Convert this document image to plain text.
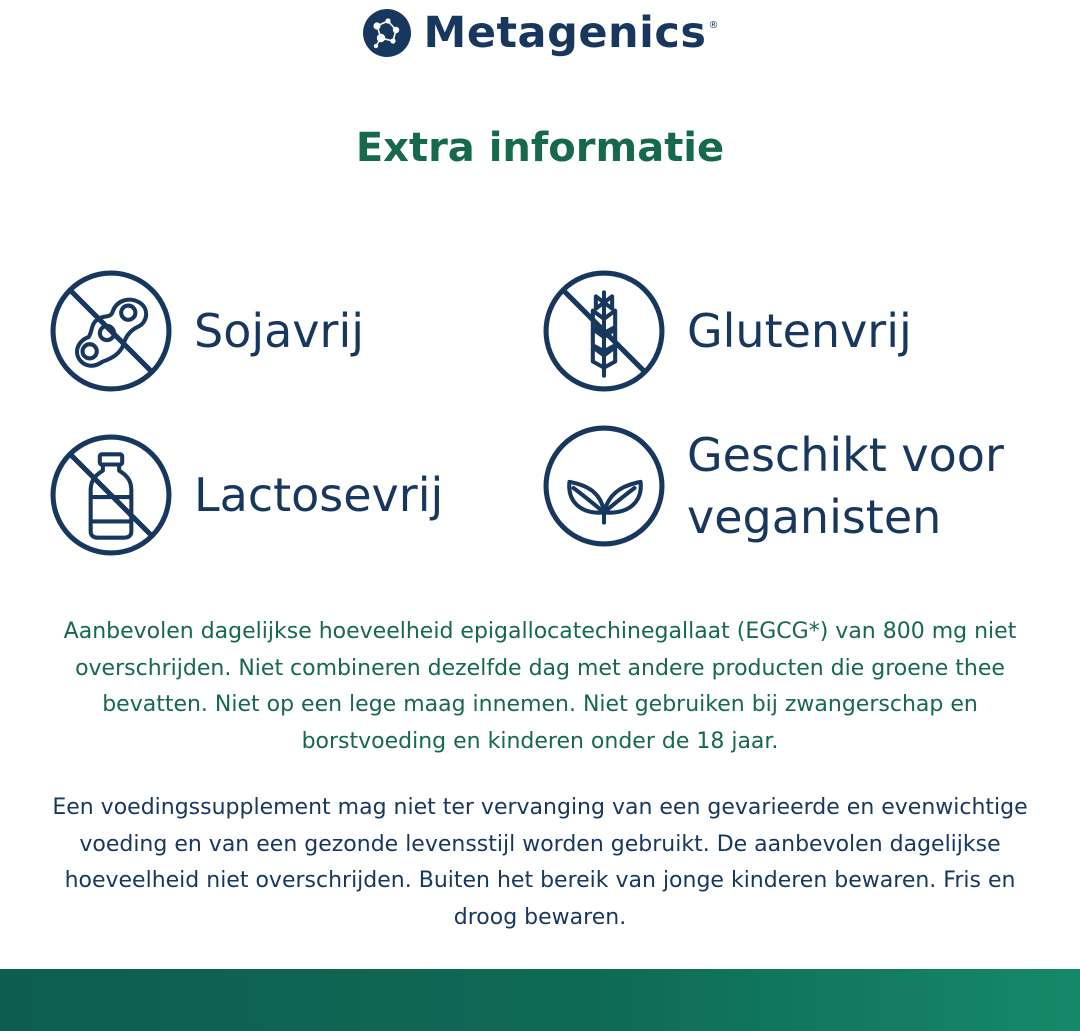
Metagenics ®
Extra informatie
Sojavrij	Glutenvrij
Lactosevrij
Geschikt voor veganisten

Aanbevolen dagelijkse hoeveelheid epigallocatechinegallaat (EGCG*) van 800 mg niet overschrijden. Niet combineren dezelfde dag met andere producten die groene thee bevatten. Niet op een lege maag innemen. Niet gebruiken bij zwangerschap en borstvoeding en kinderen onder de 18 jaar.

Een voedingssupplement mag niet ter vervanging van een gevarieerde en evenwichtige voeding en van een gezonde levensstijl worden gebruikt. De aanbevolen dagelijkse hoeveelheid niet overschrijden. Buiten het bereik van jonge kinderen bewaren. Fris en droog bewaren.
